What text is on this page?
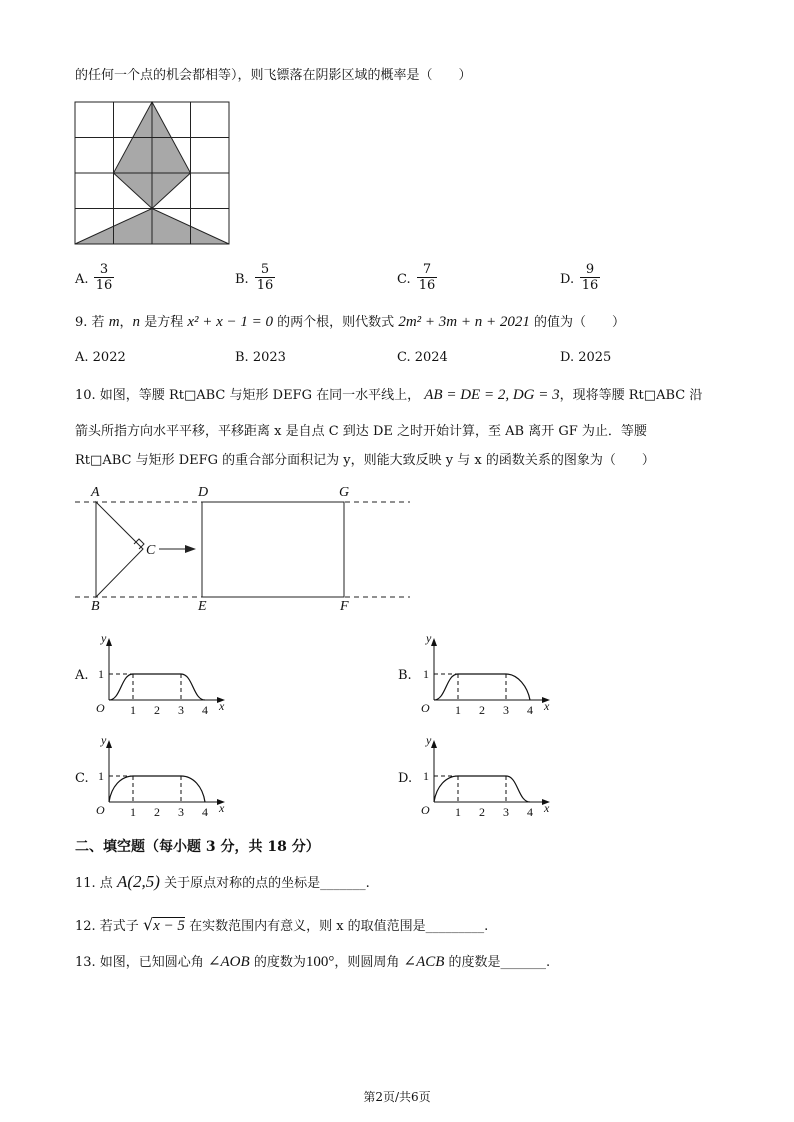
的任何一个点的机会都相等），则飞镖落在阴影区域的概率是（　　）
A. $\frac{3}{16}$	B. $\frac{5}{16}$	C. $\frac{7}{16}$	D. $\frac{9}{16}$
9. 若 m，n 是方程 x² + x − 1 = 0 的两个根，则代数式 2m² + 3m + n + 2021 的值为（　　）
A. 2022	B. 2023	C. 2024	D. 2025
10. 如图，等腰 Rt□ABC 与矩形 DEFG 在同一水平线上， AB = DE = 2, DG = 3，现将等腰 Rt□ABC 沿
箭头所指方向水平平移，平移距离 x 是自点 C 到达 DE 之时开始计算，至 AB 离开 GF 为止．等腰
Rt□ABC 与矩形 DEFG 的重合部分面积记为 y，则能大致反映 y 与 x 的函数关系的图象为（　　）
A
B
C
D
E	F
G
A.	B.
C.	D.
y
1
O 1 2 3 4 x
y
1
O 1 2 3 4 x
y
1
O 1 2 3 4 x
y
1
O 1 2 3 4 x
二、填空题（每小题 3 分，共 18 分）
11. 点 A(2,5) 关于原点对称的点的坐标是_______.
12. 若式子 √x − 5 在实数范围内有意义，则 x 的取值范围是_________.
13. 如图，已知圆心角 ∠AOB 的度数为100°，则圆周角 ∠ACB 的度数是_______.
第2页/共6页
